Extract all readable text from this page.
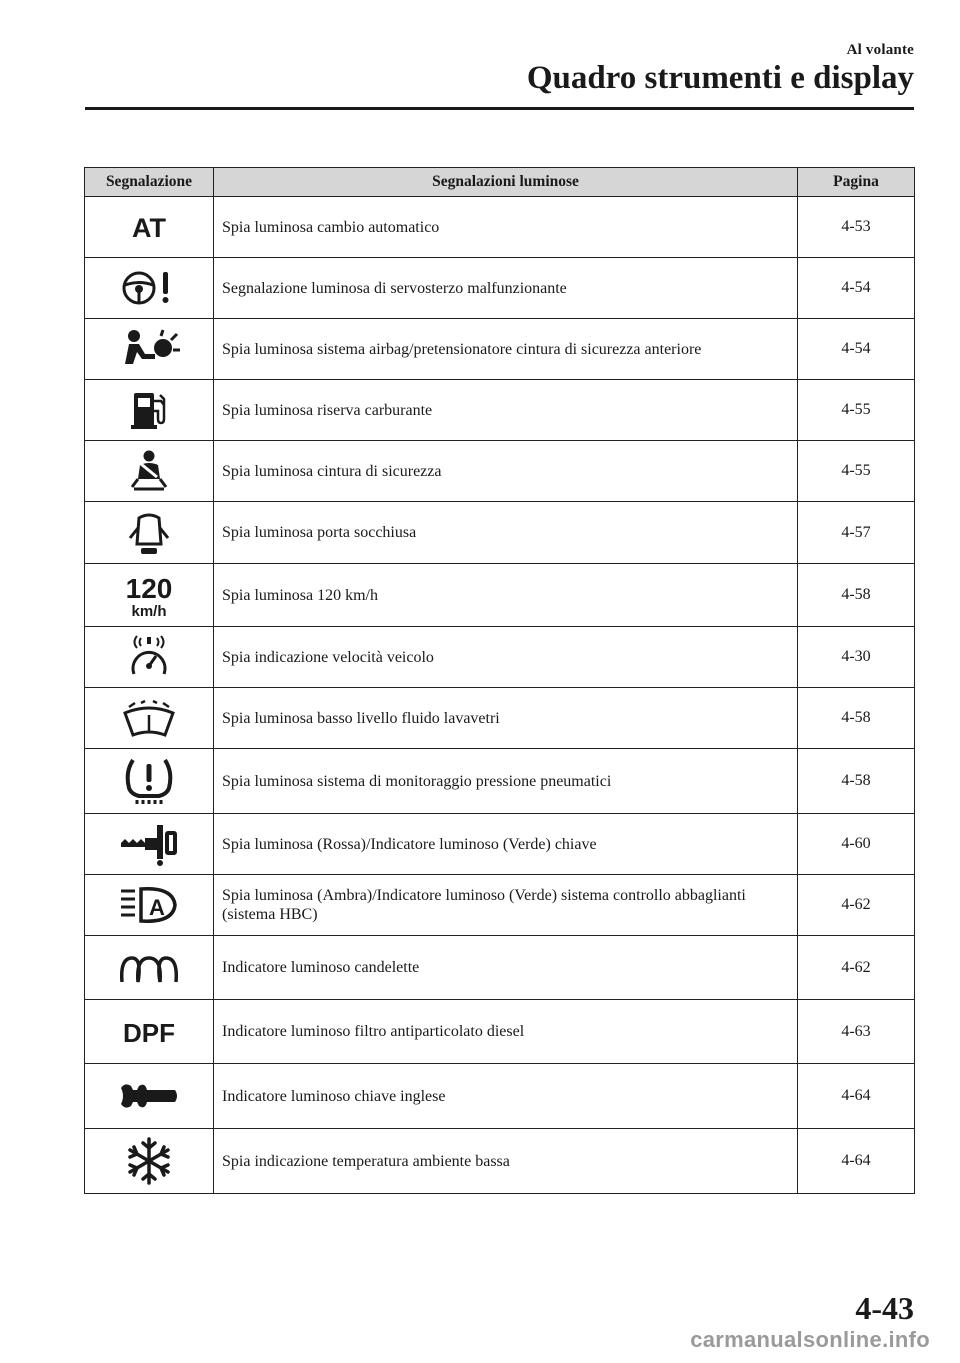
Al volante
Quadro strumenti e display
Segnalazione	Segnalazioni luminose	Pagina

AT	Spia luminosa cambio automatico	4-53

	Segnalazione luminosa di servosterzo malfunzionante	4-54

	Spia luminosa sistema airbag/pretensionatore cintura di sicurezza anteriore	4-54

	Spia luminosa riserva carburante	4-55

	Spia luminosa cintura di sicurezza	4-55

	Spia luminosa porta socchiusa	4-57

120
km/h	Spia luminosa 120 km/h	4-58

	Spia indicazione velocità veicolo	4-30

	Spia luminosa basso livello fluido lavavetri	4-58

	Spia luminosa sistema di monitoraggio pressione pneumatici	4-58

	Spia luminosa (Rossa)/Indicatore luminoso (Verde) chiave	4-60

A	Spia luminosa (Ambra)/Indicatore luminoso (Verde) sistema controllo abbaglianti (sistema HBC)	4-62

	Indicatore luminoso candelette	4-62

DPF	Indicatore luminoso filtro antiparticolato diesel	4-63

	Indicatore luminoso chiave inglese	4-64

	Spia indicazione temperatura ambiente bassa	4-64
4-43
carmanualsonline.info
